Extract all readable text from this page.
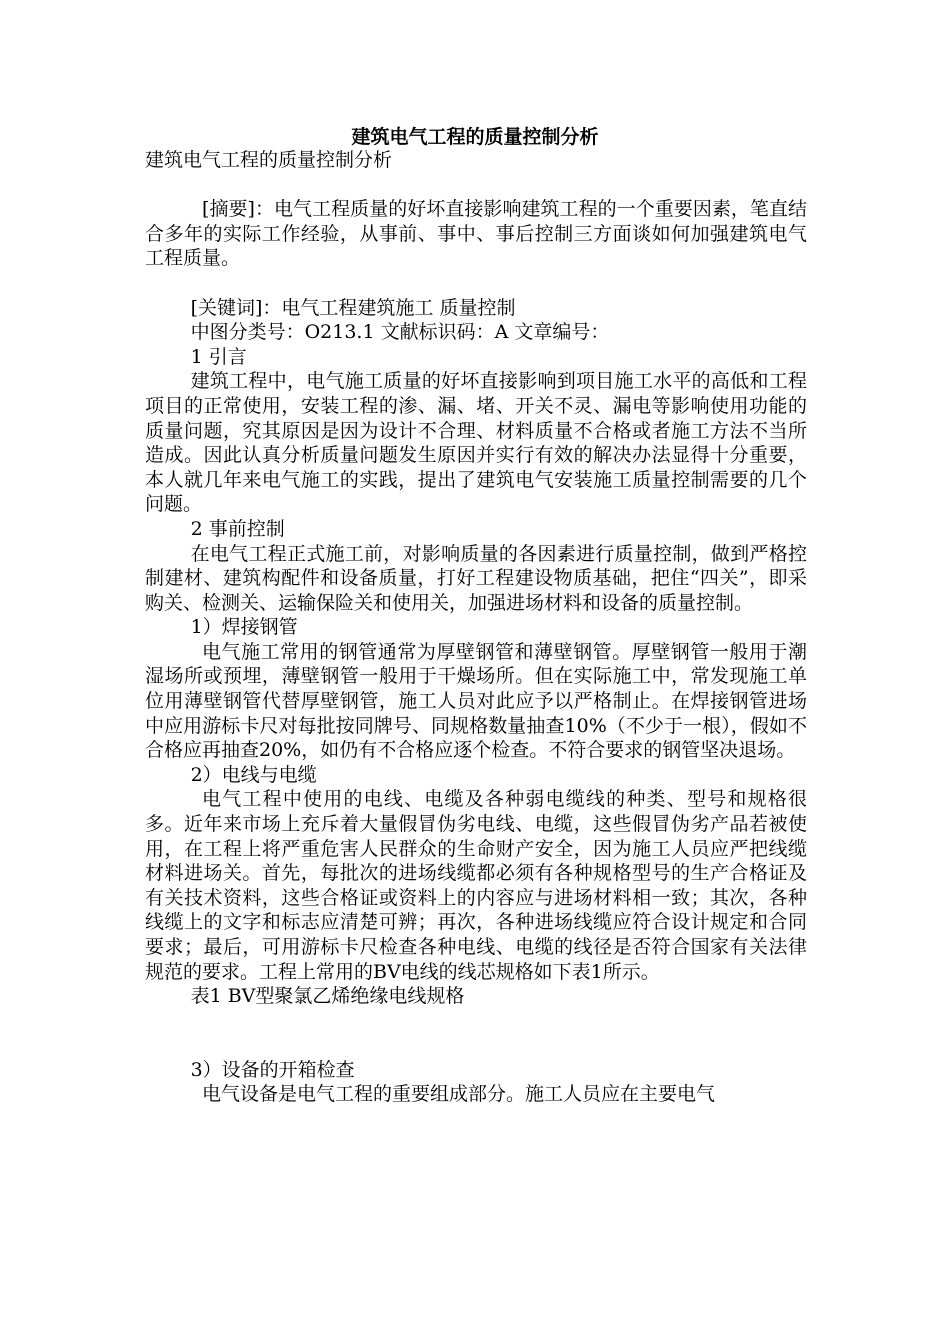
建筑电气工程的质量控制分析

建筑电气工程的质量控制分析

[摘要]：电气工程质量的好坏直接影响建筑工程的一个重要因素，笔直结合多年的实际工作经验，从事前、事中、事后控制三方面谈如何加强建筑电气工程质量。

[关键词]：电气工程建筑施工 质量控制

中图分类号：O213.1 文献标识码：A 文章编号：

1 引言

建筑工程中，电气施工质量的好坏直接影响到项目施工水平的高低和工程项目的正常使用，安装工程的渗、漏、堵、开关不灵、漏电等影响使用功能的质量问题，究其原因是因为设计不合理、材料质量不合格或者施工方法不当所造成。因此认真分析质量问题发生原因并实行有效的解决办法显得十分重要，本人就几年来电气施工的实践，提出了建筑电气安装施工质量控制需要的几个问题。

2 事前控制

在电气工程正式施工前，对影响质量的各因素进行质量控制，做到严格控制建材、建筑构配件和设备质量，打好工程建设物质基础，把住“四关”，即采购关、检测关、运输保险关和使用关，加强进场材料和设备的质量控制。

1）焊接钢管

电气施工常用的钢管通常为厚壁钢管和薄壁钢管。厚壁钢管一般用于潮湿场所或预埋，薄壁钢管一般用于干燥场所。但在实际施工中，常发现施工单位用薄壁钢管代替厚壁钢管，施工人员对此应予以严格制止。在焊接钢管进场中应用游标卡尺对每批按同牌号、同规格数量抽查10%（不少于一根），假如不合格应再抽查20%，如仍有不合格应逐个检查。不符合要求的钢管坚决退场。

2）电线与电缆

电气工程中使用的电线、电缆及各种弱电缆线的种类、型号和规格很多。近年来市场上充斥着大量假冒伪劣电线、电缆，这些假冒伪劣产品若被使用，在工程上将严重危害人民群众的生命财产安全，因为施工人员应严把线缆材料进场关。首先，每批次的进场线缆都必须有各种规格型号的生产合格证及有关技术资料，这些合格证或资料上的内容应与进场材料相一致；其次，各种线缆上的文字和标志应清楚可辨；再次，各种进场线缆应符合设计规定和合同要求；最后，可用游标卡尺检查各种电线、电缆的线径是否符合国家有关法律规范的要求。工程上常用的BV电线的线芯规格如下表1所示。

表1 BV型聚氯乙烯绝缘电线规格

3）设备的开箱检查

电气设备是电气工程的重要组成部分。施工人员应在主要电气
